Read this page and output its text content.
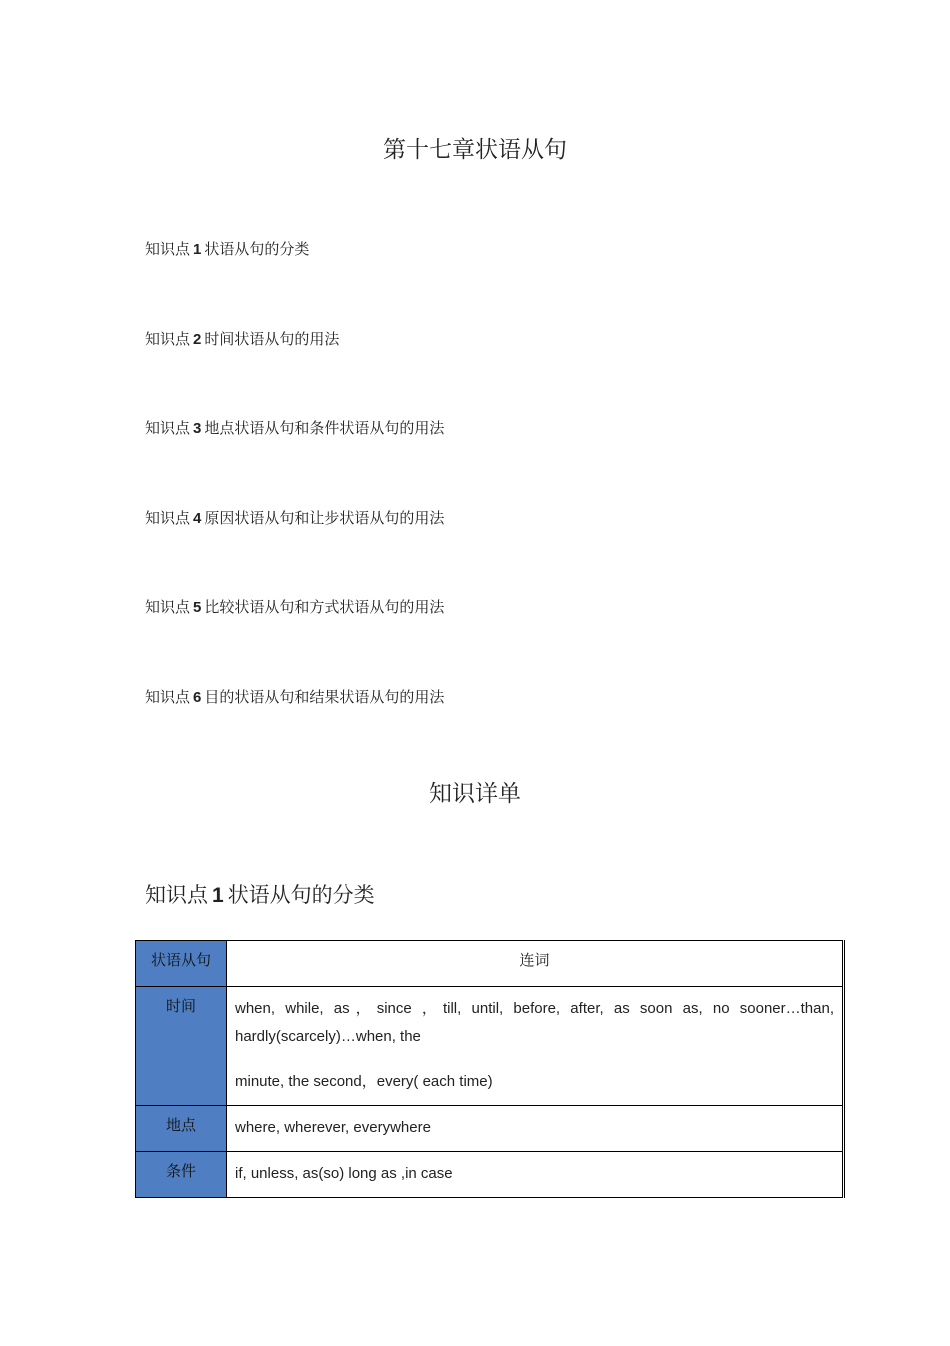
第十七章状语从句
知识点 1 状语从句的分类
知识点 2 时间状语从句的用法
知识点 3 地点状语从句和条件状语从句的用法
知识点 4 原因状语从句和让步状语从句的用法
知识点 5 比较状语从句和方式状语从句的用法
知识点 6 目的状语从句和结果状语从句的用法
知识详单
知识点 1 状语从句的分类
状语从句	连词
时间	when, while, as，since ，till, until, before, after, as soon as, no sooner…than, hardly(scarcely)…when, the

minute, the second，every( each time)

地点	where, wherever, everywhere

条件	if, unless, as(so) long as ,in case
